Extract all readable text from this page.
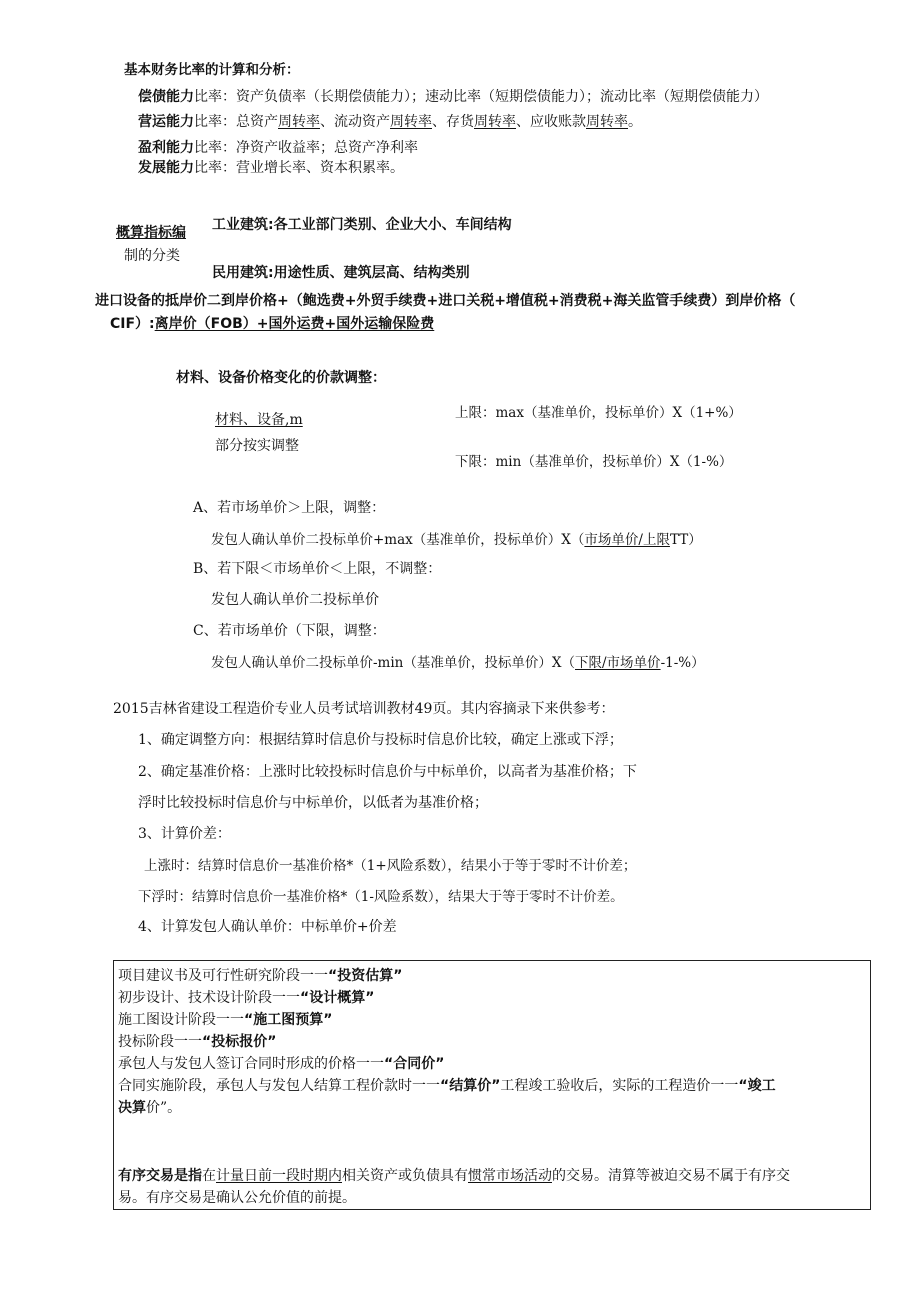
基本财务比率的计算和分析：
偿债能力比率：资产负债率（长期偿债能力）；速动比率（短期偿债能力）；流动比率（短期偿债能力）
营运能力比率：总资产周转率、流动资产周转率、存货周转率、应收账款周转率。
盈利能力比率：净资产收益率；总资产净利率
发展能力比率：营业增长率、资本积累率。
概算指标编
制的分类
工业建筑:各工业部门类别、企业大小、车间结构
民用建筑:用途性质、建筑层高、结构类别
进口设备的抵岸价二到岸价格+（鲍选费+外贸手续费+进口关税+增值税+消费税+海关监管手续费）到岸价格（
CIF）:离岸价（FOB）+国外运费+国外运输保险费
材料、设备价格变化的价款调整：
材料、设备,m
部分按实调整
上限：max（基准单价，投标单价）X（1+%）
下限：min（基准单价，投标单价）X（1-%）
A、若市场单价＞上限，调整：
发包人确认单价二投标单价+max（基准单价，投标单价）X（市场单价/上限TT）
B、若下限＜市场单价＜上限，不调整：
发包人确认单价二投标单价
C、若市场单价（下限，调整：
发包人确认单价二投标单价-min（基准单价，投标单价）X（下限/市场单价-1-%）
2015吉林省建设工程造价专业人员考试培训教材49页。其内容摘录下来供参考：
1、确定调整方向：根据结算时信息价与投标时信息价比较，确定上涨或下浮；
2、确定基准价格：上涨时比较投标时信息价与中标单价，以高者为基准价格；下
浮时比较投标时信息价与中标单价，以低者为基准价格；
3、计算价差：
上涨时：结算时信息价一基准价格*（1+风险系数），结果小于等于零时不计价差；
下浮时：结算时信息价一基准价格*（1-风险系数），结果大于等于零时不计价差。
4、计算发包人确认单价：中标单价+价差
项目建议书及可行性研究阶段一一“投资估算”
初步设计、技术设计阶段一一“设计概算”
施工图设计阶段一一“施工图预算”
投标阶段一一“投标报价”
承包人与发包人签订合同时形成的价格一一“合同价”
合同实施阶段，承包人与发包人结算工程价款时一一“结算价”工程竣工验收后，实际的工程造价一一“竣工
决算价”。
有序交易是指在计量日前一段时期内相关资产或负债具有惯常市场活动的交易。清算等被迫交易不属于有序交
易。有序交易是确认公允价值的前提。
